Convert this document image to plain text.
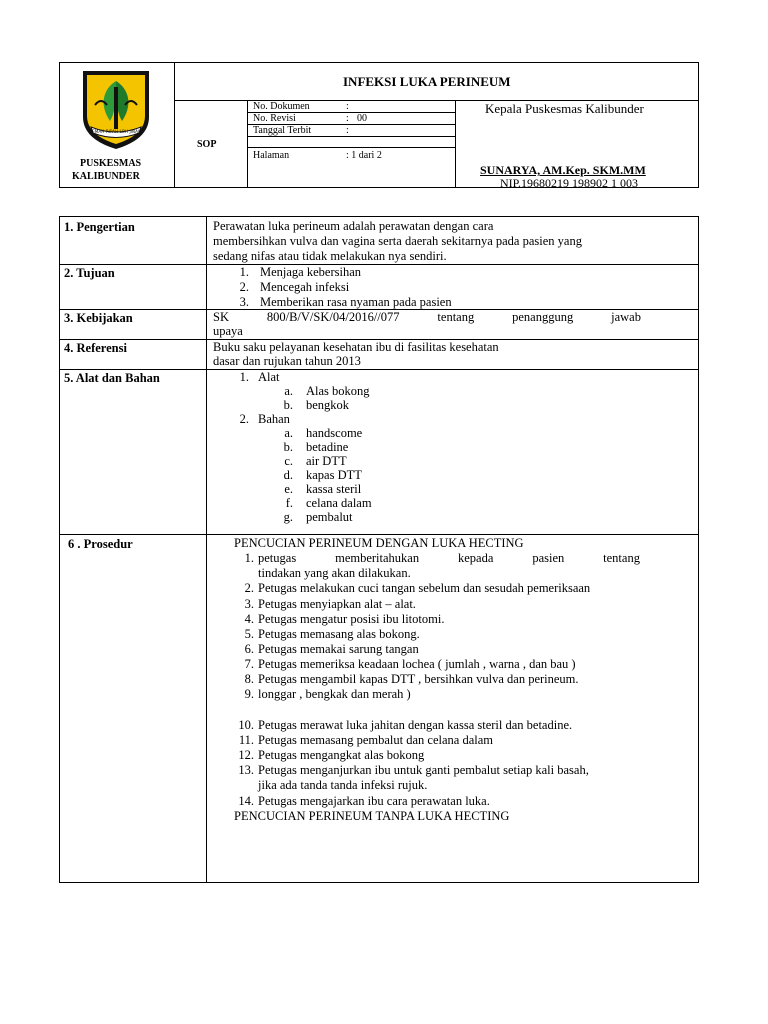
GEMAH RIPAH LOH JINAWI
PUSKESMAS
KALIBUNDER
INFEKSI LUKA PERINEUM
SOP
No. Dokumen	:
No. Revisi	: 00
Tanggal Terbit	:
Halaman	: 1 dari 2
Kepala Puskesmas Kalibunder
SUNARYA, AM.Kep. SKM.MM
NIP.19680219 198902 1 003
1. Pengertian	Perawatan luka perineum adalah perawatan dengan cara
membersihkan vulva dan vagina serta daerah sekitarnya pada pasien yang
sedang nifas atau tidak melakukan nya sendiri.
2. Tujuan	1. Menjaga kebersihan
2. Mencegah infeksi
3. Memberikan rasa nyaman pada pasien
3. Kebijakan	SK	800/B/V/SK/04/2016//077	tentang	penanggung	jawab
upaya
4. Referensi	Buku saku pelayanan kesehatan ibu di fasilitas kesehatan
dasar dan rujukan tahun 2013
5. Alat dan Bahan	1. Alat
a. Alas bokong
b. bengkok
2. Bahan
a. handscome
b. betadine
c. air DTT
d. kapas DTT
e. kassa steril
f. celana dalam
g. pembalut
6 . Prosedur	PENCUCIAN PERINEUM DENGAN LUKA HECTING
1. petugas	memberitahukan	kepada	pasien	tentang
tindakan yang akan dilakukan.
2. Petugas melakukan cuci tangan sebelum dan sesudah pemeriksaan
3. Petugas menyiapkan alat – alat.
4. Petugas mengatur posisi ibu litotomi.
5. Petugas memasang alas bokong.
6. Petugas memakai sarung tangan
7. Petugas memeriksa keadaan lochea ( jumlah , warna , dan bau )
8. Petugas mengambil kapas DTT , bersihkan vulva dan perineum.
9. longgar , bengkak dan merah )
10. Petugas merawat luka jahitan dengan kassa steril dan betadine.
11. Petugas memasang pembalut dan celana dalam
12. Petugas mengangkat alas bokong
13. Petugas menganjurkan ibu untuk ganti pembalut setiap kali basah,
jika ada tanda tanda infeksi rujuk.
14. Petugas mengajarkan ibu cara perawatan luka.
PENCUCIAN PERINEUM TANPA LUKA HECTING
